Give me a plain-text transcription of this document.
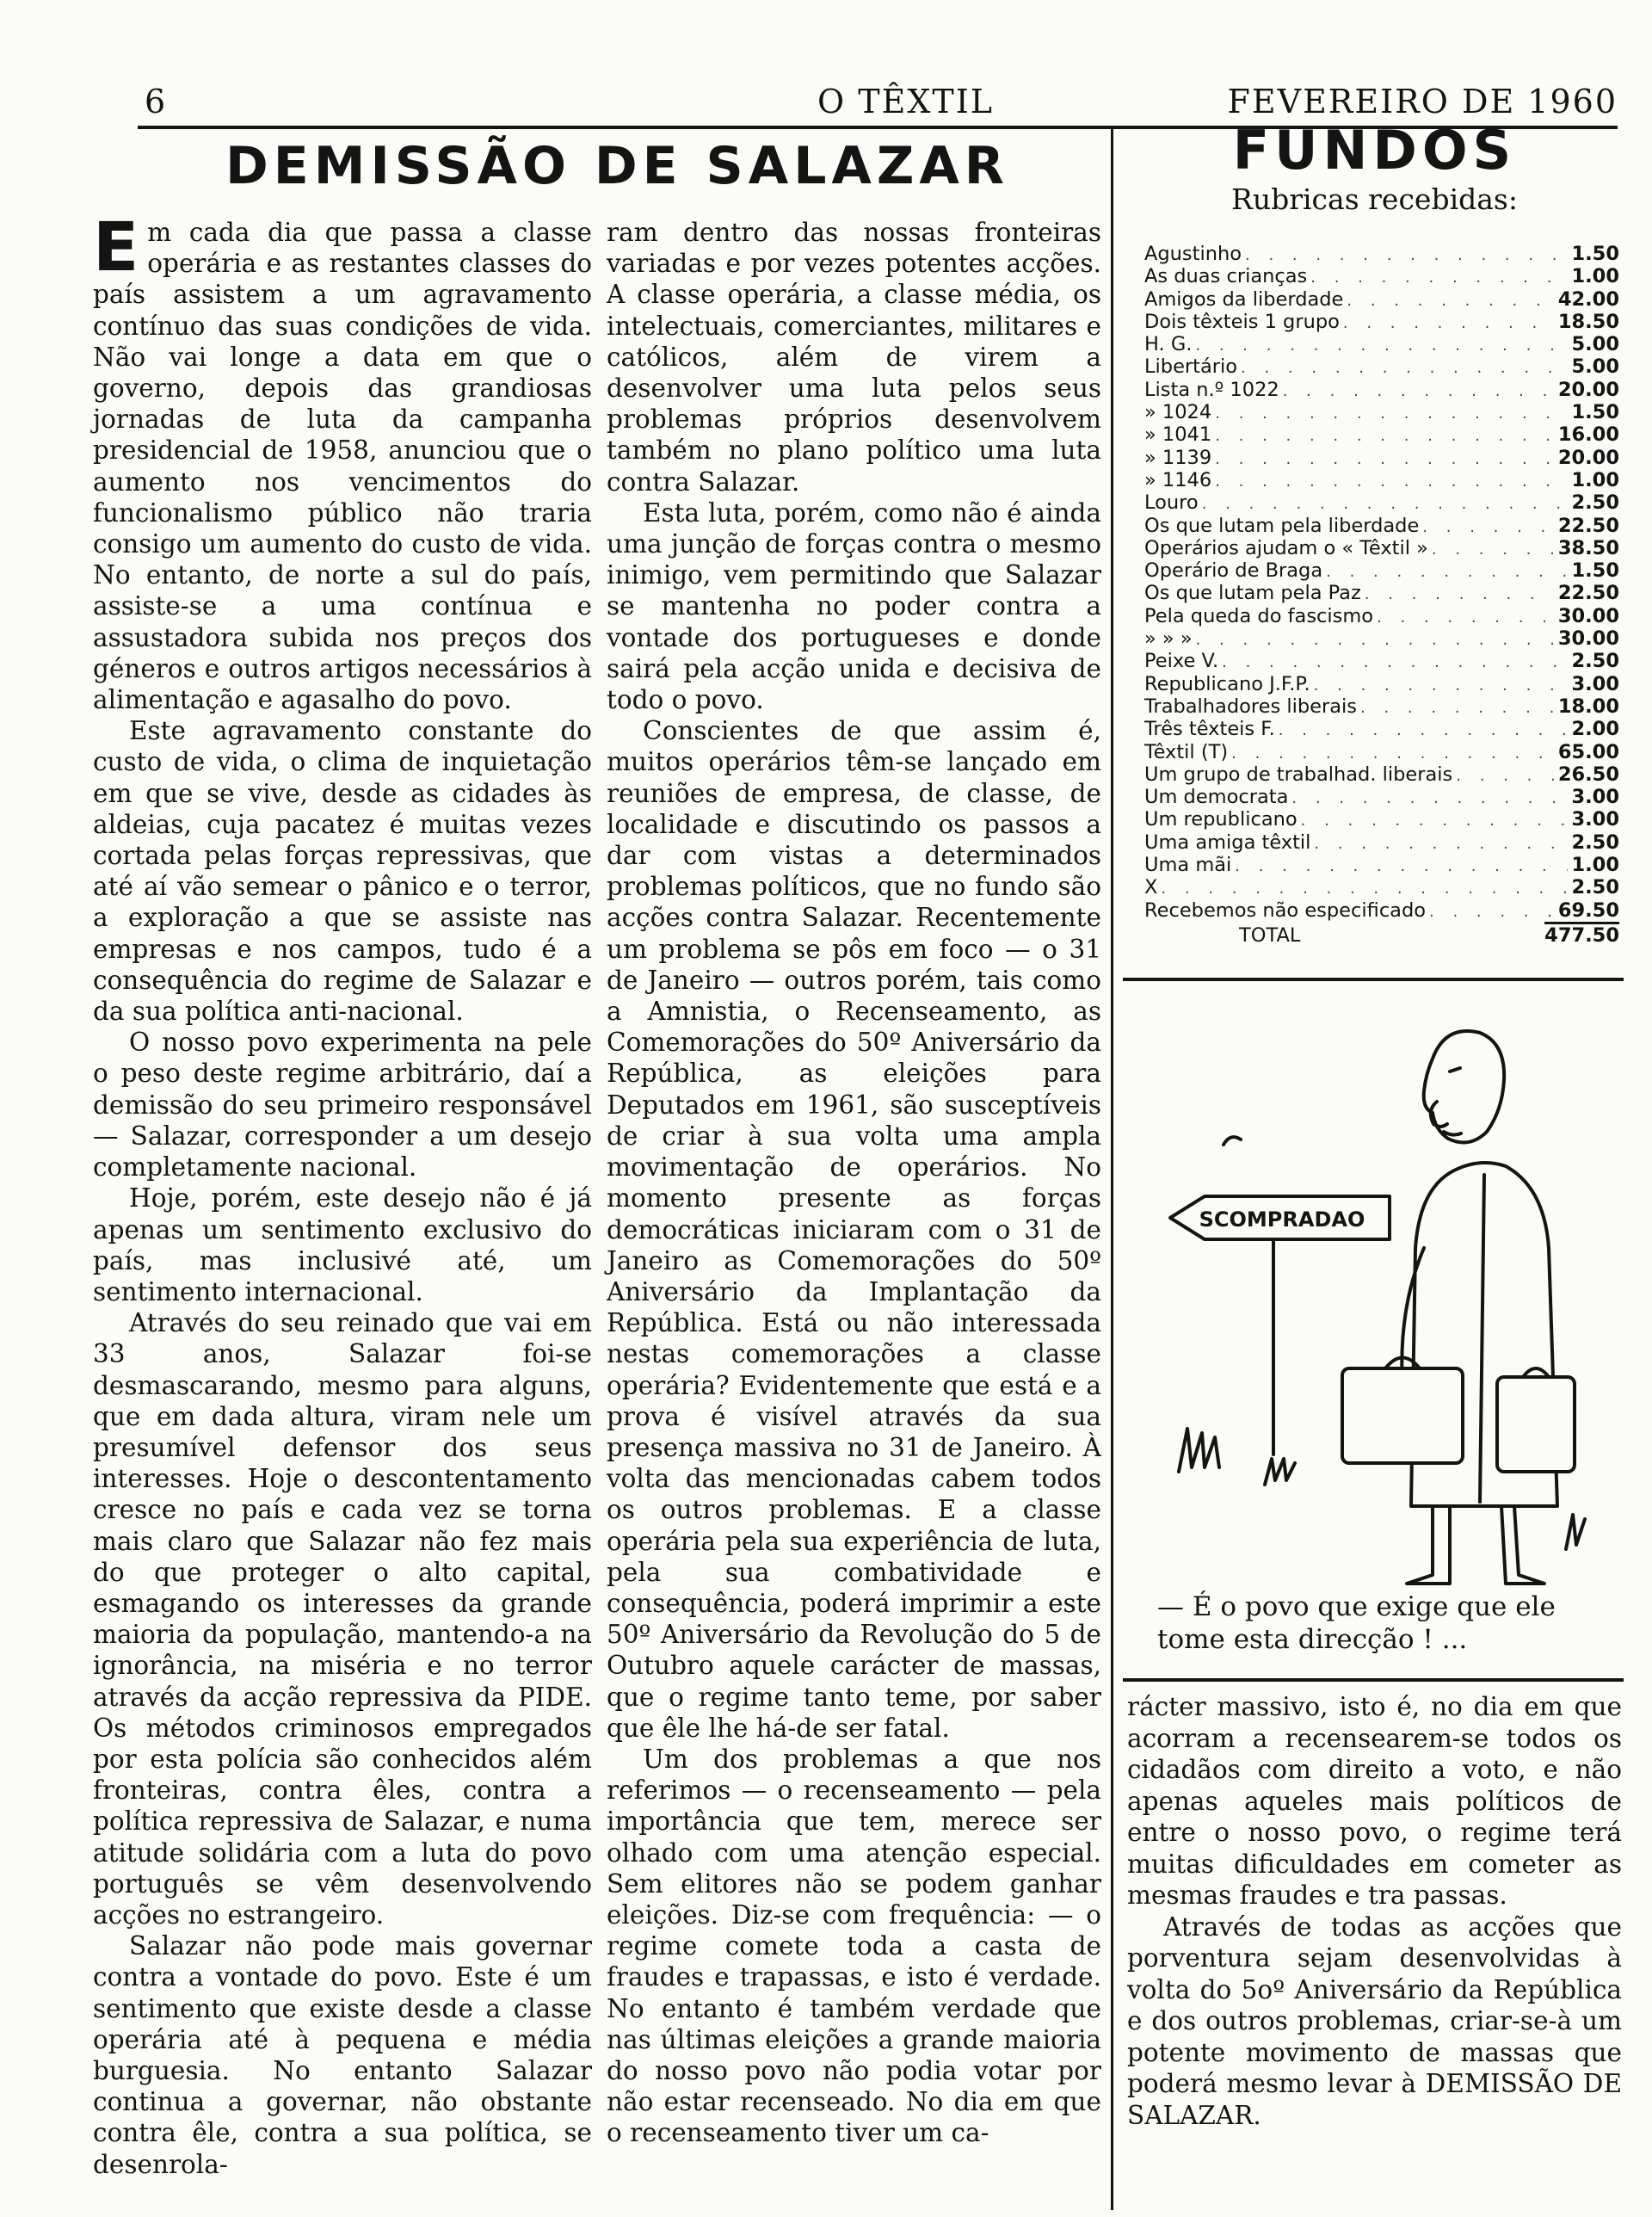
6	O TÊXTIL	FEVEREIRO DE 1960
DEMISSÃO DE SALAZAR

Em cada dia que passa a classe operária e as restantes classes do país assistem a um agravamento contínuo das suas condições de vida. Não vai longe a data em que o governo, depois das grandiosas jornadas de luta da campanha presidencial de 1958, anunciou que o aumento nos vencimentos do funcionalismo público não traria consigo um aumento do custo de vida. No entanto, de norte a sul do país, assiste-se a uma contínua e assustadora subida nos preços dos géneros e outros artigos necessários à alimentação e agasalho do povo.

Este agravamento constante do custo de vida, o clima de inquietação em que se vive, desde as cidades às aldeias, cuja pacatez é muitas vezes cortada pelas forças repressivas, que até aí vão semear o pânico e o terror, a exploração a que se assiste nas empresas e nos campos, tudo é a consequência do regime de Salazar e da sua política anti-nacional.

O nosso povo experimenta na pele o peso deste regime arbitrário, daí a demissão do seu primeiro responsável — Salazar, corresponder a um desejo completamente nacional.

Hoje, porém, este desejo não é já apenas um sentimento exclusivo do país, mas inclusivé até, um sentimento internacional.

Através do seu reinado que vai em 33 anos, Salazar foi-se desmascarando, mesmo para alguns, que em dada altura, viram nele um presumível defensor dos seus interesses. Hoje o descontentamento cresce no país e cada vez se torna mais claro que Salazar não fez mais do que proteger o alto capital, esmagando os interesses da grande maioria da população, mantendo-a na ignorância, na miséria e no terror através da acção repressiva da PIDE. Os métodos criminosos empregados por esta polícia são conhecidos além fronteiras, contra êles, contra a política repressiva de Salazar, e numa atitude solidária com a luta do povo português se vêm desenvolvendo acções no estrangeiro.

Salazar não pode mais governar contra a vontade do povo. Este é um sentimento que existe desde a classe operária até à pequena e média burguesia. No entanto Salazar continua a governar, não obstante contra êle, contra a sua política, se desenrola-

ram dentro das nossas fronteiras variadas e por vezes potentes acções. A classe operária, a classe média, os intelectuais, comerciantes, militares e católicos, além de virem a desenvolver uma luta pelos seus problemas próprios desenvolvem também no plano político uma luta contra Salazar.

Esta luta, porém, como não é ainda uma junção de forças contra o mesmo inimigo, vem permitindo que Salazar se mantenha no poder contra a vontade dos portugueses e donde sairá pela acção unida e decisiva de todo o povo.

Conscientes de que assim é, muitos operários têm-se lançado em reuniões de empresa, de classe, de localidade e discutindo os passos a dar com vistas a determinados problemas políticos, que no fundo são acções contra Salazar. Recentemente um problema se pôs em foco — o 31 de Janeiro — outros porém, tais como a Amnistia, o Recenseamento, as Comemorações do 50º Aniversário da República, as eleições para Deputados em 1961, são susceptíveis de criar à sua volta uma ampla movimentação de operários. No momento presente as forças democráticas iniciaram com o 31 de Janeiro as Comemorações do 50º Aniversário da Implantação da República. Está ou não interessada nestas comemorações a classe operária? Evidentemente que está e a prova é visível através da sua presença massiva no 31 de Janeiro. À volta das mencionadas cabem todos os outros problemas. E a classe operária pela sua experiência de luta, pela sua combatividade e consequência, poderá imprimir a este 50º Aniversário da Revolução do 5 de Outubro aquele carácter de massas, que o regime tanto teme, por saber que êle lhe há-de ser fatal.

Um dos problemas a que nos referimos — o recenseamento — pela importância que tem, merece ser olhado com uma atenção especial. Sem elitores não se podem ganhar eleições. Diz-se com frequência: — o regime comete toda a casta de fraudes e trapassas, e isto é verdade. No entanto é também verdade que nas últimas eleições a grande maioria do nosso povo não podia votar por não estar recenseado. No dia em que o recenseamento tiver um ca-

FUNDOS
Rubricas recebidas:
Agustinho . . .	1.50
As duas crianças . . .	1.00
Amigos da liberdade . . .	42.00
Dois têxteis 1 grupo . . .	18.50
H. G. . . .	5.00
Libertário . . .	5.00
Lista n.º 1022 . . .	20.00
» 1024 . . .	1.50
» 1041 . . .	16.00
» 1139 . . .	20.00
» 1146 . . .	1.00
Louro . . .	2.50
Os que lutam pela liberdade . . .	22.50
Operários ajudam o « Têxtil » . . .	38.50
Operário de Braga . . .	1.50
Os que lutam pela Paz . . .	22.50
Pela queda do fascismo . . .	30.00
» » » . . .	30.00
Peixe V. . . .	2.50
Republicano J.F.P. . . .	3.00
Trabalhadores liberais . . .	18.00
Três têxteis F. . . .	2.00
Têxtil (T) . . .	65.00
Um grupo de trabalhad. liberais . . .	26.50
Um democrata . . .	3.00
Um republicano . . .	3.00
Uma amiga têxtil . . .	2.50
Uma mãi . . .	1.00
X . . .	2.50
Recebemos não especificado . . .	69.50
TOTAL	477.50
SCOMPRADAO
— É o povo que exige que ele tome esta direcção ! ...

rácter massivo, isto é, no dia em que acorram a recensearem-se todos os cidadãos com direito a voto, e não apenas aqueles mais políticos de entre o nosso povo, o regime terá muitas dificuldades em cometer as mesmas fraudes e tra passas.

Através de todas as acções que porventura sejam desenvolvidas à volta do 5oº Aniversário da República e dos outros problemas, criar-se-à um potente movimento de massas que poderá mesmo levar à DEMISSÃO DE SALAZAR.
